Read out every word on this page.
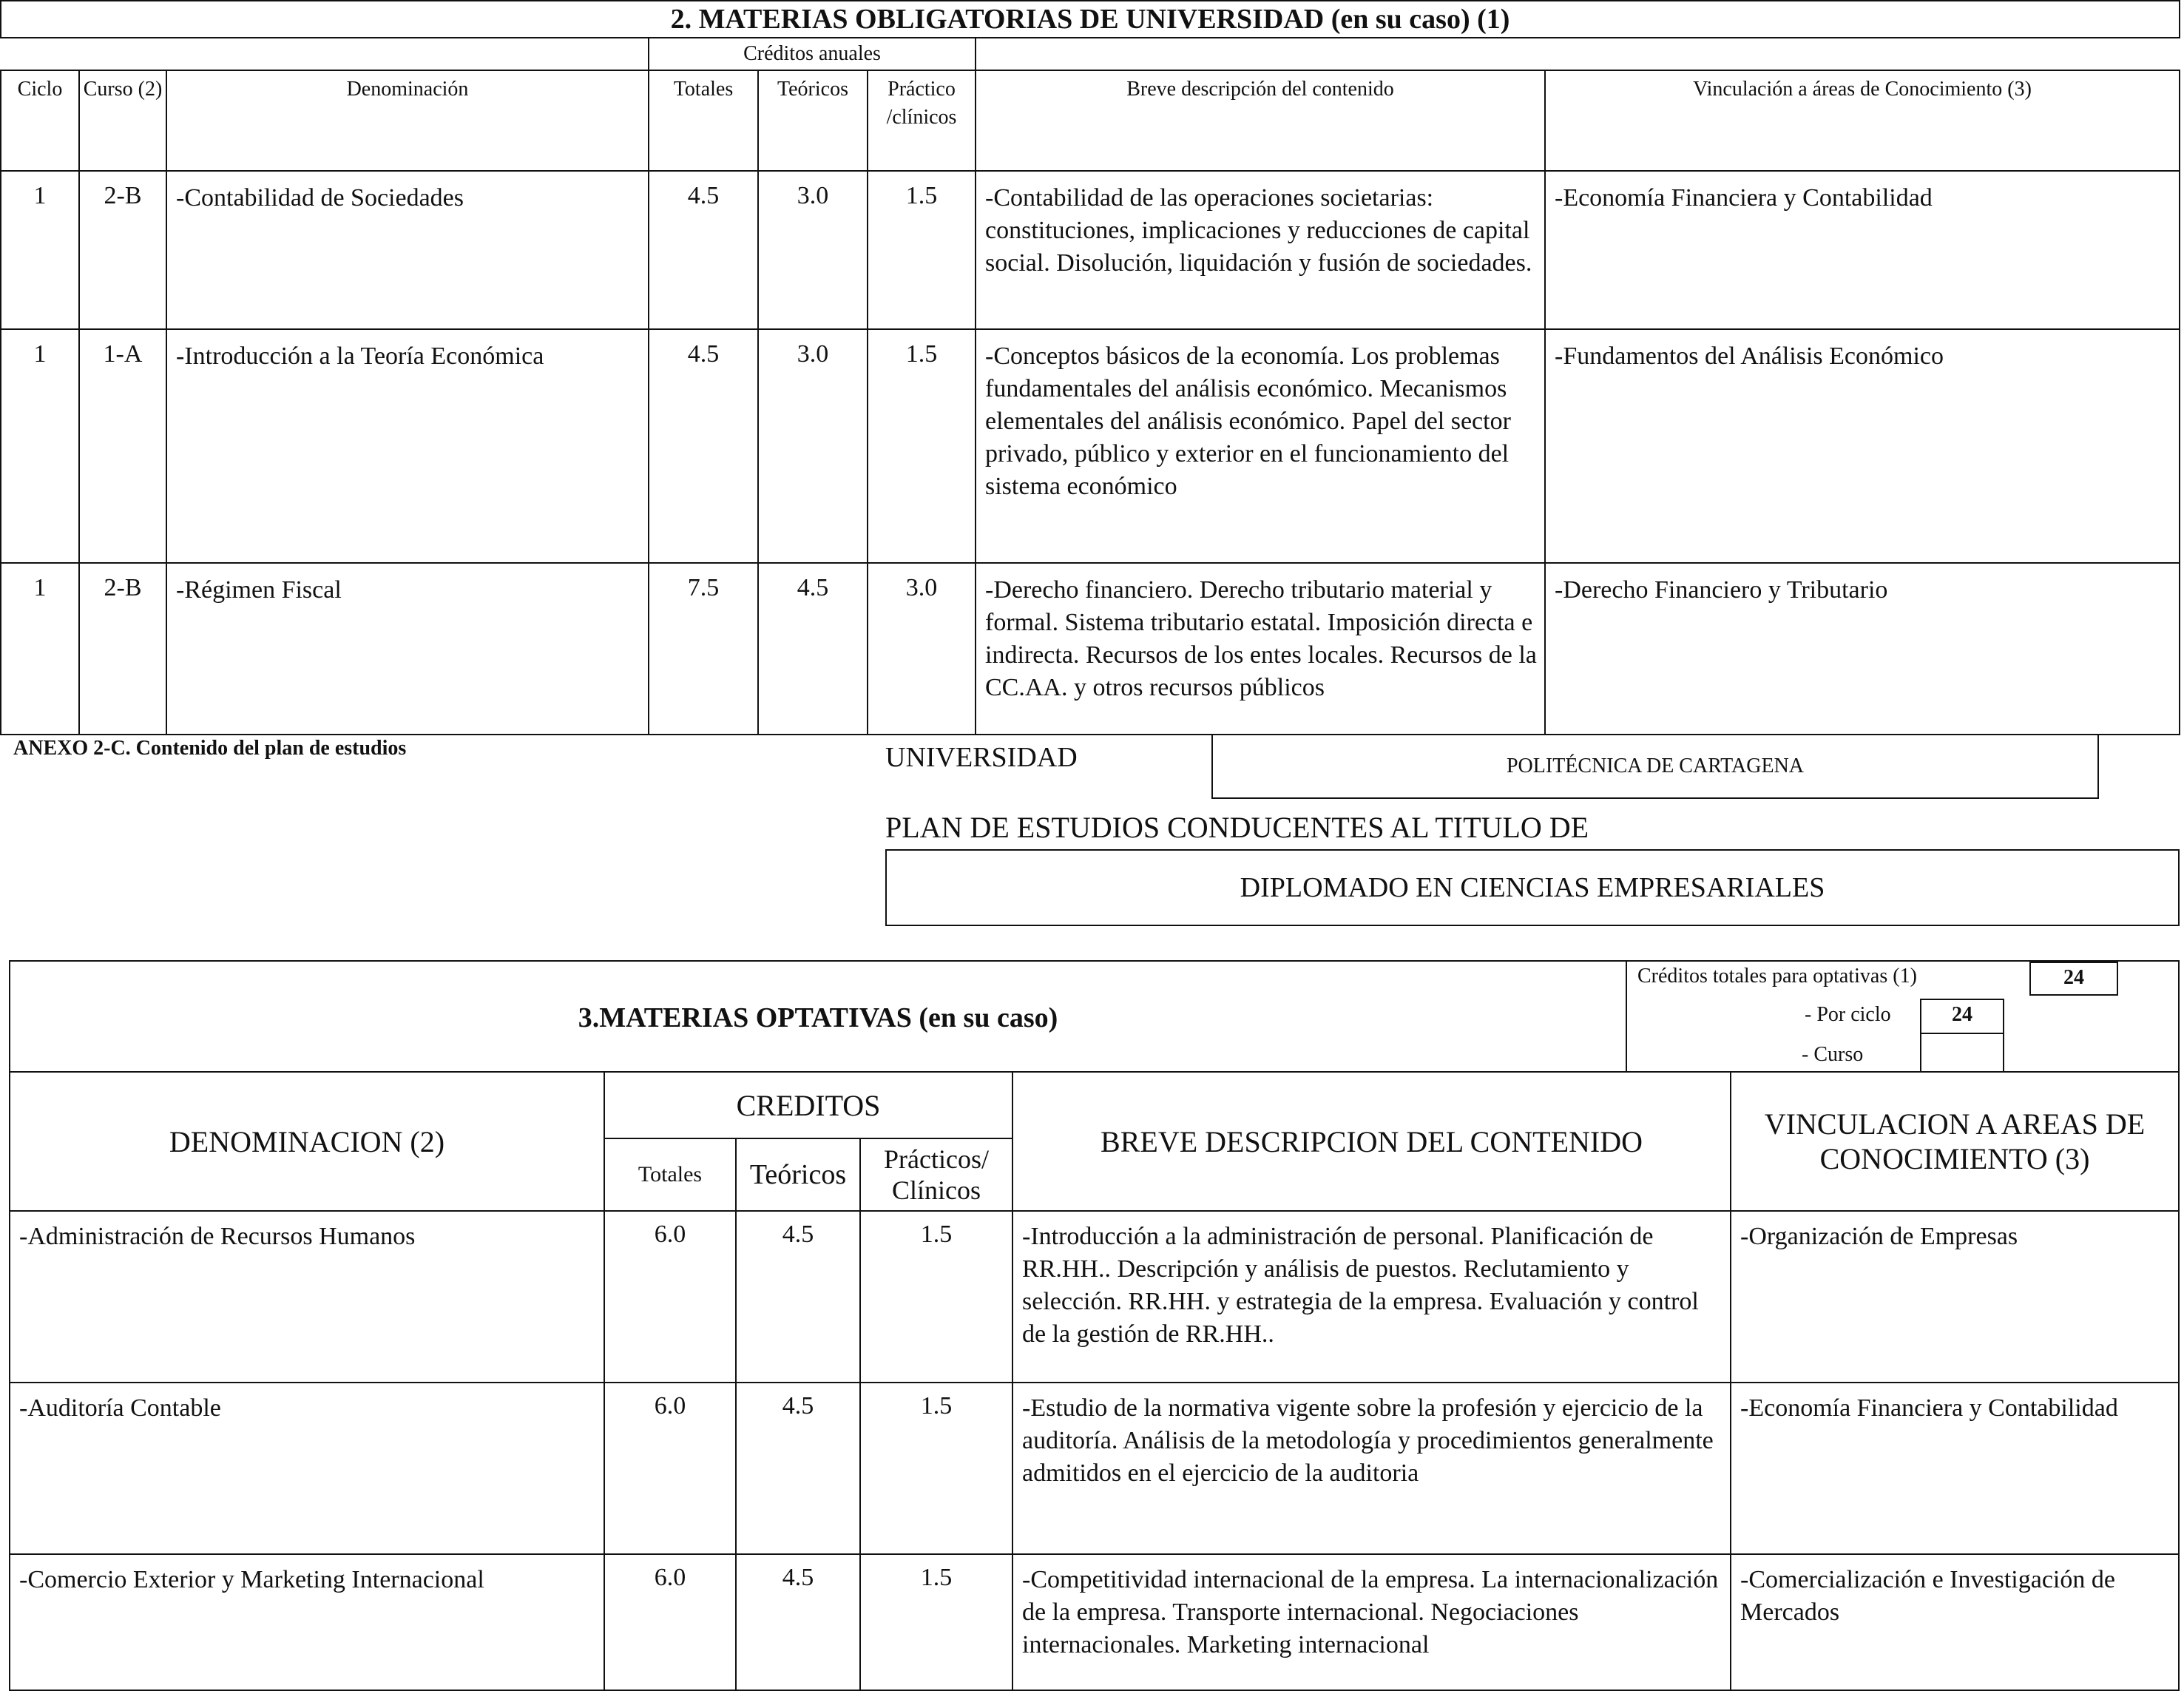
2. MATERIAS OBLIGATORIAS DE UNIVERSIDAD (en su caso) (1)							
			Créditos anuales				
Ciclo	Curso (2)	Denominación	Totales	Teóricos	Práctico /clínicos	Breve descripción del contenido	Vinculación a áreas de Conocimiento (3)
1	2-B	-Contabilidad de Sociedades	4.5	3.0	1.5	-Contabilidad de las operaciones societarias: constituciones, implicaciones y reducciones de capital social. Disolución, liquidación y fusión de sociedades.	-Economía Financiera y Contabilidad
1	1-A	-Introducción a la Teoría Económica	4.5	3.0	1.5	-Conceptos básicos de la economía. Los problemas fundamentales del análisis económico. Mecanismos elementales del análisis económico. Papel del sector privado, público y exterior en el funcionamiento del sistema económico	-Fundamentos del Análisis Económico
1	2-B	-Régimen Fiscal	7.5	4.5	3.0	-Derecho financiero. Derecho tributario material y formal. Sistema tributario estatal. Imposición directa e indirecta. Recursos de los entes locales. Recursos de la CC.AA. y otros recursos públicos	-Derecho Financiero y Tributario
ANEXO 2-C. Contenido del plan de estudios	UNIVERSIDAD	POLITÉCNICA DE CARTAGENA
PLAN DE ESTUDIOS CONDUCENTES AL TITULO DE
DIPLOMADO EN CIENCIAS EMPRESARIALES
3.MATERIAS OPTATIVAS (en su caso)
Créditos totales para optativas (1)	24
- Por ciclo	24
- Curso
DENOMINACION (2)	CREDITOS			BREVE DESCRIPCION DEL CONTENIDO	VINCULACION A AREAS DE CONOCIMIENTO (3)
	Totales	Teóricos	Prácticos/ Clínicos		
-Administración de Recursos Humanos	6.0	4.5	1.5	-Introducción a la administración de personal. Planificación de RR.HH.. Descripción y análisis de puestos. Reclutamiento y selección. RR.HH. y estrategia de la empresa. Evaluación y control de la gestión de RR.HH..	-Organización de Empresas
-Auditoría Contable	6.0	4.5	1.5	-Estudio de la normativa vigente sobre la profesión y ejercicio de la auditoría. Análisis de la metodología y procedimientos generalmente admitidos en el ejercicio de la auditoria	-Economía Financiera y Contabilidad
-Comercio Exterior y Marketing Internacional	6.0	4.5	1.5	-Competitividad internacional de la empresa. La internacionalización de la empresa. Transporte internacional. Negociaciones internacionales. Marketing internacional	-Comercialización e Investigación de Mercados
